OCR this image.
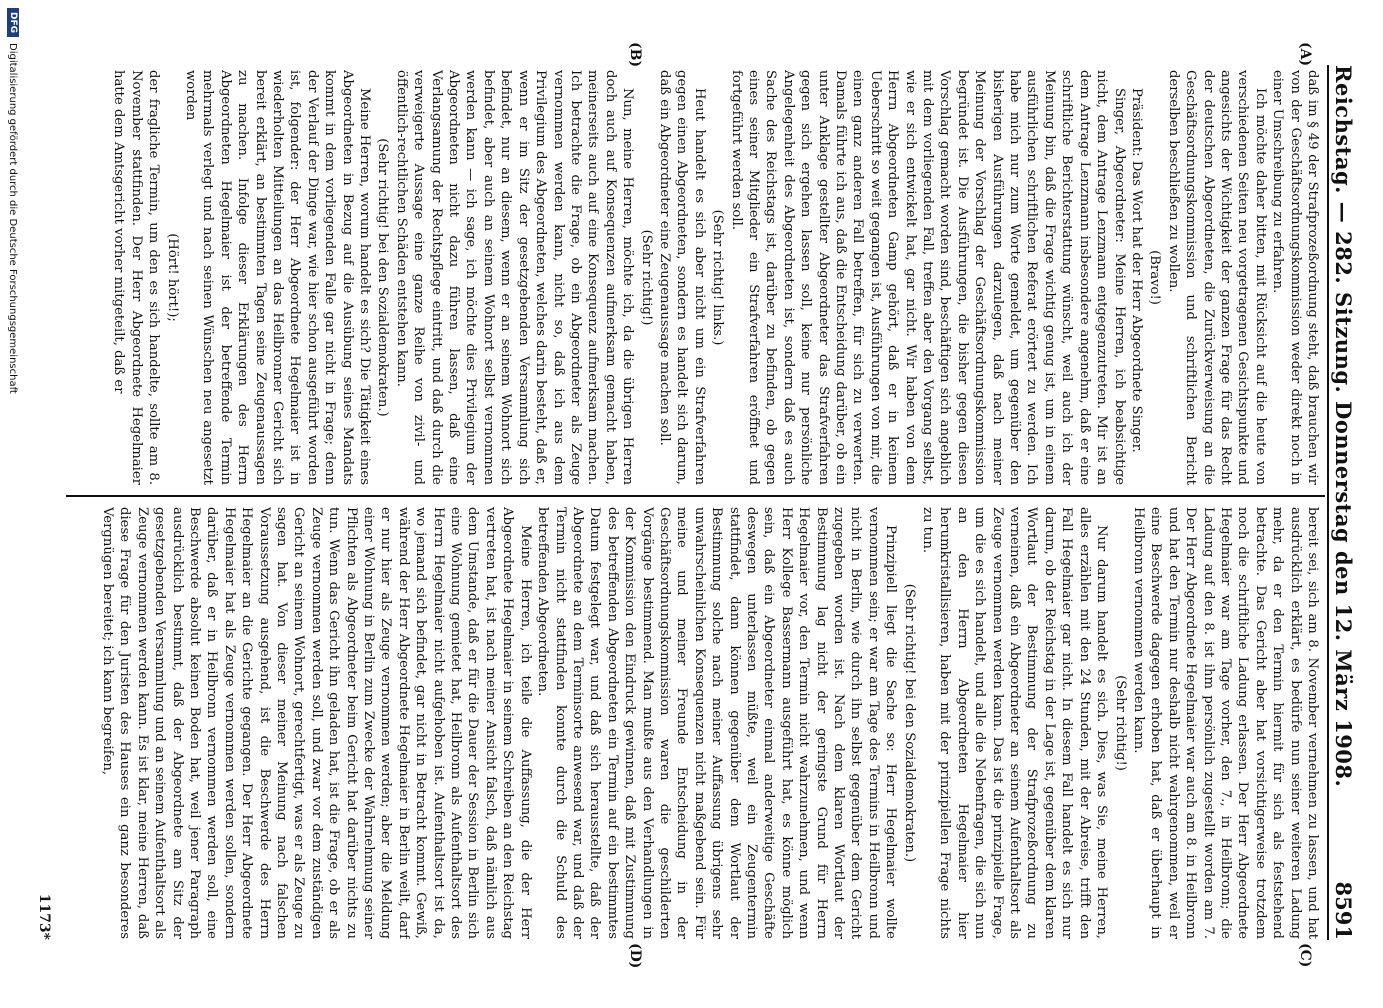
Reichstag. — 282. Sitzung. Donnerstag den 12. März 1908.
8591
(A)
(B)
(C)
(D)

daß im § 49 der Strafprozeßordnung steht, daß brauchen wir von der Geschäftsordnungskommission weder direkt noch in einer Umschreibung zu erfahren.

Ich möchte daher bitten, mit Rücksicht auf die heute von verschiedenen Seiten neu vorgetragenen Gesichtspunkte und angesichts der Wichtigkeit der ganzen Frage für das Recht der deutschen Abgeordneten, die Zurückverweisung an die Geschäftsordnungskommission und schriftlichen Bericht derselben beschließen zu wollen.

(Bravo!)

Präsident: Das Wort hat der Herr Abgeordnete Singer.

Singer, Abgeordneter: Meine Herren, ich beabsichtige nicht, dem Antrage Lenzmann entgegenzutreten. Mir ist an dem Antrage Lenzmann insbesondere angenehm, daß er eine schriftliche Berichterstattung wünscht, weil auch ich der Meinung bin, daß die Frage wichtig genug ist, um in einem ausführlichen schriftlichen Referat erörtert zu werden. Ich habe mich nur zum Worte gemeldet, um gegenüber den bisherigen Ausführungen darzulegen, daß nach meiner Meinung der Vorschlag der Geschäftsordnungskommission begründet ist. Die Ausführungen, die bisher gegen diesen Vorschlag gemacht worden sind, beschäftigen sich angeblich mit dem vorliegenden Fall, treffen aber den Vorgang selbst, wie er sich entwickelt hat, gar nicht. Wir haben von dem Herrn Abgeordneten Gamp gehört, daß er in keinem Ueberschritt so weit gegangen ist, Ausführungen von mir, die einen ganz anderen Fall betreffen, für sich zu verwerten. Damals führte ich aus, daß die Entscheidung darüber, ob ein unter Anklage gestellter Abgeordneter das Strafverfahren gegen sich ergehen lassen soll, keine nur persönliche Angelegenheit des Abgeordneten ist, sondern daß es auch Sache des Reichstags ist, darüber zu befinden, ob gegen eines seiner Mitglieder ein Strafverfahren eröffnet und fortgeführt werden soll.

(Sehr richtig! links.)

Heut handelt es sich aber nicht um ein Strafverfahren gegen einen Abgeordneten, sondern es handelt sich darum, daß ein Abgeordneter eine Zeugenaussage machen soll.

(Sehr richtig!)

Nun, meine Herren, möchte ich, da die übrigen Herren doch auch auf Konsequenzen aufmerksam gemacht haben, meinerseits auch auf eine Konsequenz aufmerksam machen. Ich betrachte die Frage, ob ein Abgeordneter als Zeuge vernommen werden kann, nicht so, daß ich aus dem Privilegium des Abgeordneten, welches darin besteht, daß er, wenn er im Sitz der gesetzgebenden Versammlung sich befindet, nur an diesem, wenn er an seinem Wohnort sich befindet, aber auch an seinem Wohnort selbst vernommen werden kann — ich sage, ich möchte dies Privilegium der Abgeordneten nicht dazu führen lassen, daß eine Verlangsamung der Rechtspflege eintritt, und daß durch die verweigerte Aussage eine ganze Reihe von zivil- und öffentlich-rechtlichen Schäden entstehen kann.

(Sehr richtig! bei den Sozialdemokraten.)

Meine Herren, worum handelt es sich? Die Tätigkeit eines Abgeordneten in Bezug auf die Ausübung seines Mandats kommt in dem vorliegenden Falle gar nicht in Frage; denn der Verlauf der Dinge war, wie hier schon ausgeführt worden ist, folgender: der Herr Abgeordnete Hegelmaier ist in wiederholten Mitteilungen an das Heilbronner Gericht sich bereit erklärt, an bestimmten Tagen seine Zeugenaussagen zu machen. Infolge dieser Erklärungen des Herrn Abgeordneten Hegelmaier ist der betreffende Termin mehrmals verlegt und nach seinen Wünschen neu angesetzt worden

(Hört! hört!);

der fragliche Termin, um den es sich handelte, sollte am 8. November stattfinden. Der Herr Abgeordnete Hegelmaier hatte dem Amtsgericht vorher mitgeteilt, daß er

bereit sei, sich am 8. November vernehmen zu lassen, und hat ausdrücklich erklärt, es bedürfe nun seiner weiteren Ladung mehr, da er den Termin hiermit für sich als feststehend betrachte. Das Gericht aber hat vorsichtigerweise trotzdem noch die schriftliche Ladung erlassen. Der Herr Abgeordnete Hegelmaier war am Tage vorher, den 7., in Heilbronn; die Ladung auf den 8. ist ihm persönlich zugestellt worden am 7. Der Herr Abgeordnete Hegelmaier war auch am 8. in Heilbronn und hat den Termin nur deshalb nicht wahrgenommen, weil er eine Beschwerde dagegen erhoben hat, daß er überhaupt in Heilbronn vernommen werden kann.

(Sehr richtig!)

Nur darum handelt es sich. Dies, was Sie, meine Herren, alles erzählen mit den 24 Stunden, mit der Abreise, trifft den Fall Hegelmaier gar nicht. In diesem Fall handelt es sich nur darum, ob der Reichstag in der Lage ist, gegenüber dem klaren Wortlaut der Bestimmung der Strafprozeßordnung zu verneinen, daß ein Abgeordneter an seinem Aufenthaltsort als Zeuge vernommen werden kann. Das ist die prinzipielle Frage, um die es sich handelt, und alle die Nebenfragen, die sich nun an den Herrn Abgeordneten Hegelmaier hier herumkristallisieren, haben mit der prinzipiellen Frage nichts zu tun.

(Sehr richtig! bei den Sozialdemokraten.)

Prinzipiell liegt die Sache so: Herr Hegelmaier wollte vernommen sein; er war am Tage des Termins in Heilbronn und nicht in Berlin, wie durch ihn selbst gegenüber dem Gericht zugegeben worden ist. Nach dem klaren Wortlaut der Bestimmung lag nicht der geringste Grund für Herrn Hegelmaier vor, den Termin nicht wahrzunehmen, und wenn Herr Kollege Bassermann ausgeführt hat, es könne möglich sein, daß ein Abgeordneter einmal anderweitige Geschäfte deswegen unterlassen müßte, weil ein Zeugentermin stattfindet, dann können gegenüber dem Wortlaut der Bestimmung solche nach meiner Auffassung übrigens sehr unwahrscheinlichen Konsequenzen nicht maßgebend sein. Für meine und meiner Freunde Entscheidung in der Geschäftsordnungskommission waren die geschilderten Vorgänge bestimmend. Man mußte aus den Verhandlungen in der Kommission den Eindruck gewinnen, daß mit Zustimmung des betreffenden Abgeordneten ein Termin auf ein bestimmtes Datum festgelegt war, und daß sich herausstellte, daß der Abgeordnete an dem Terminsorte anwesend war, und daß der Termin nicht stattfinden konnte durch die Schuld des betreffenden Abgeordneten.

Meine Herren, ich teile die Auffassung, die der Herr Abgeordnete Hegelmaier in seinem Schreiben an den Reichstag vertreten hat, ist nach meiner Ansicht falsch, daß nämlich aus dem Umstande, daß er für die Dauer der Session in Berlin sich eine Wohnung gemietet hat, Heilbronn als Aufenthaltsort des Herrn Hegelmaier nicht aufgehoben ist. Aufenthaltsort ist da, wo jemand sich befindet, gar nicht in Betracht kommt. Gewiß, während der Herr Abgeordnete Hegelmaier in Berlin weilt, darf er nur hier als Zeuge vernommen werden; aber die Meldung einer Wohnung in Berlin zum Zwecke der Wahrnehmung seiner Pflichten als Abgeordneter beim Gericht hat darüber nichts zu tun. Wenn das Gericht ihn geladen hat, ist die Frage, ob er als Zeuge vernommen werden soll, und zwar vor dem zuständigen Gericht an seinem Wohnort, gerechtfertigt, was er als Zeuge zu sagen hat. Von dieser meiner Meinung nach falschen Voraussetzung ausgehend, ist die Beschwerde des Herrn Hegelmaier an die Gerichte gegangen. Der Herr Abgeordnete Hegelmaier hat als Zeuge vernommen werden sollen, sondern darüber, daß er in Heilbronn vernommen werden soll, eine Beschwerde absolut keinen Boden hat, weil jener Paragraph ausdrücklich bestimmt, daß der Abgeordnete am Sitz der gesetzgebenden Versammlung und an seinem Aufenthaltsort als Zeuge vernommen werden kann. Es ist klar, meine Herren, daß diese Frage für den Juristen des Hauses ein ganz besonderes Vergnügen bereitet; ich kann begreifen,

1173*
DFG
Digitalisierung gefördert durch die Deutsche Forschungsgemeinschaft
